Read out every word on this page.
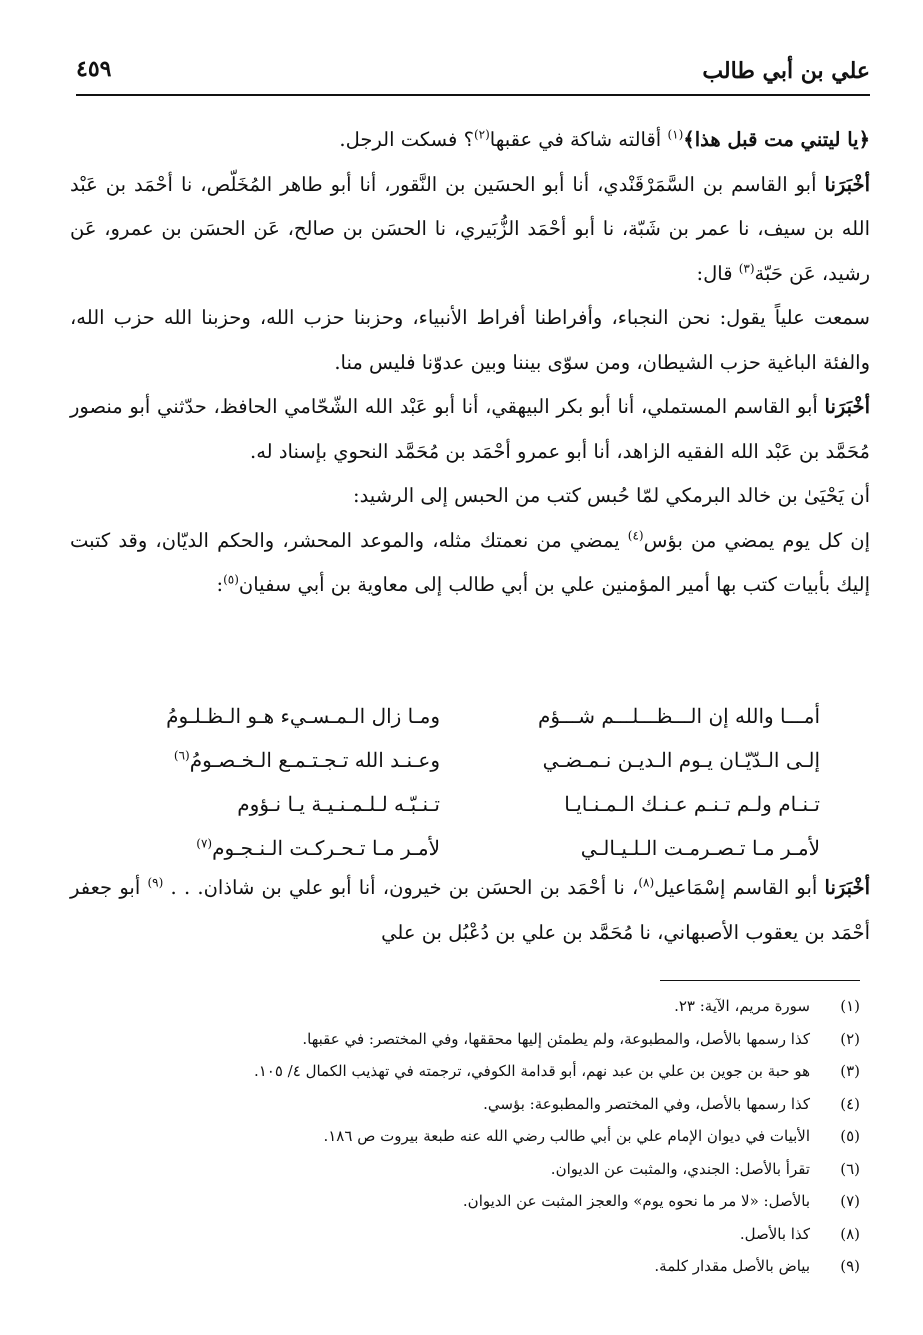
٤٥٩	علي بن أبي طالب

﴿يا ليتني مت قبل هذا﴾$^{(١)}$ أقالته شاكة في عقبها$^{(٢)}$؟ فسكت الرجل.

أخْبَرَنا أبو القاسم بن السَّمَرْقَنْدي، أنا أبو الحسَين بن النَّقور، أنا أبو طاهر المُخَلّص، نا أحْمَد بن عَبْد الله بن سيف، نا عمر بن شَبّة، نا أبو أحْمَد الزُّبَيري، نا الحسَن بن صالح، عَن الحسَن بن عمرو، عَن رشيد، عَن حَبّة$^{(٣)}$ قال:

سمعت علياً يقول: نحن النجباء، وأفراطنا أفراط الأنبياء، وحزبنا حزب الله، وحزبنا الله حزب الله، والفئة الباغية حزب الشيطان، ومن سوّى بيننا وبين عدوّنا فليس منا.

أخْبَرَنا أبو القاسم المستملي، أنا أبو بكر البيهقي، أنا أبو عَبْد الله الشّحّامي الحافظ، حدّثني أبو منصور مُحَمَّد بن عَبْد الله الفقيه الزاهد، أنا أبو عمرو أحْمَد بن مُحَمَّد النحوي بإسناد له.

أن يَحْيَىٰ بن خالد البرمكي لمّا حُبس كتب من الحبس إلى الرشيد:

إن كل يوم يمضي من بؤس$^{(٤)}$ يمضي من نعمتك مثله، والموعد المحشر، والحكم الديّان، وقد كتبت إليك بأبيات كتب بها أمير المؤمنين علي بن أبي طالب إلى معاوية بن أبي سفيان$^{(٥)}$:

أمـــا والله إن الـــظـــلـــم شـــؤم
ومـا زال الـمـسـيء هـو الـظـلـومُ
إلـى الـدّيّـان يـوم الـديـن نـمـضـي
وعـنـد الله تـجـتـمـع الـخـصـومُ$^{(٦)}$
تـنـام ولـم تـنـم عـنـك الـمـنـايـا
تـنـبّـه لـلـمـنـيـة يـا نـؤوم
لأمـر مـا تـصـرمـت الـلـيـالـي
لأمـر مـا تـحـركـت الـنـجـوم$^{(٧)}$

أخْبَرَنا أبو القاسم إسْمَاعيل$^{(٨)}$، نا أحْمَد بن الحسَن بن خيرون، أنا أبو علي بن شاذان. . . $^{(٩)}$ أبو جعفر أحْمَد بن يعقوب الأصبهاني، نا مُحَمَّد بن علي بن دُعْبُل بن علي

(١)
سورة مريم، الآية: ٢٣.
(٢)
كذا رسمها بالأصل، والمطبوعة، ولم يطمئن إليها محققها، وفي المختصر: في عقبها.
(٣)
هو حبة بن جوين بن علي بن عبد نهم، أبو قدامة الكوفي، ترجمته في تهذيب الكمال ٤/ ١٠٥.
(٤)
كذا رسمها بالأصل، وفي المختصر والمطبوعة: بؤسي.
(٥)
الأبيات في ديوان الإمام علي بن أبي طالب رضي الله عنه طبعة بيروت ص ١٨٦.
(٦)
تقرأ بالأصل: الجندي، والمثبت عن الديوان.
(٧)
بالأصل: «لا مر ما نحوه يوم» والعجز المثبت عن الديوان.
(٨)
كذا بالأصل.
(٩)
بياض بالأصل مقدار كلمة.
